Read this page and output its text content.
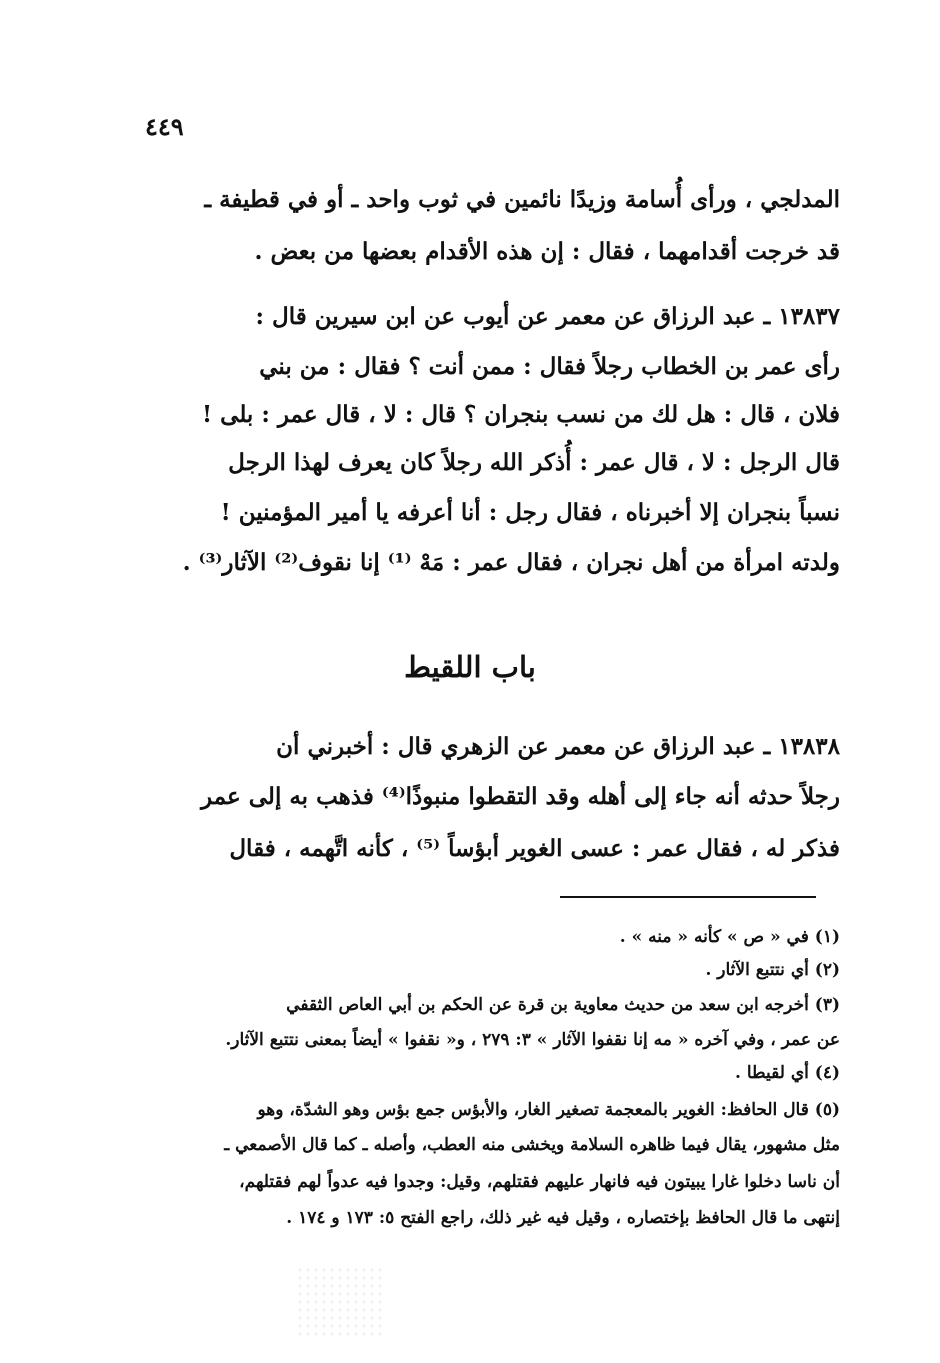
٤٤٩
المدلجي ، ورأى أُسامة وزيدًا نائمين في ثوب واحد ـ أو في قطيفة ـ
قد خرجت أقدامهما ، فقال : إن هذه الأقدام بعضها من بعض .
١٣٨٣٧ ـ عبد الرزاق عن معمر عن أيوب عن ابن سيرين قال :
رأى عمر بن الخطاب رجلاً فقال : ممن أنت ؟ فقال : من بني
فلان ، قال : هل لك من نسب بنجران ؟ قال : لا ، قال عمر : بلى !
قال الرجل : لا ، قال عمر : أُذكر الله رجلاً كان يعرف لهذا الرجل
نسباً بنجران إلا أخبرناه ، فقال رجل : أنا أعرفه يا أمير المؤمنين !
ولدته امرأة من أهل نجران ، فقال عمر : مَهْ ⁽¹⁾ إنا نقوف⁽²⁾ الآثار⁽³⁾ .
باب اللقيط
١٣٨٣٨ ـ عبد الرزاق عن معمر عن الزهري قال : أخبرني أن
رجلاً حدثه أنه جاء إلى أهله وقد التقطوا منبوذًا⁽⁴⁾ فذهب به إلى عمر
فذكر له ، فقال عمر : عسى الغوير أبؤساً ⁽⁵⁾ ، كأنه اتَّهمه ، فقال
(١) في « ص » كأنه « منه » .
(٢) أي نتتبع الآثار .
(٣) أخرجه ابن سعد من حديث معاوية بن قرة عن الحكم بن أبي العاص الثقفي
عن عمر ، وفي آخره « مه إنا نقفوا الآثار » ٣: ٢٧٩ ، و« نقفوا » أيضاً بمعنى نتتبع الآثار.
(٤) أي لقيطا .
(٥) قال الحافظ: الغوير بالمعجمة تصغير الغار، والأبؤس جمع بؤس وهو الشدّة، وهو
مثل مشهور، يقال فيما ظاهره السلامة ويخشى منه العطب، وأصله ـ كما قال الأصمعي ـ
أن ناسا دخلوا غارا يبيتون فيه فانهار عليهم فقتلهم، وقيل: وجدوا فيه عدواً لهم فقتلهم،
إنتهى ما قال الحافظ بإختصاره ، وقيل فيه غير ذلك، راجع الفتح ٥: ١٧٣ و ١٧٤ .
